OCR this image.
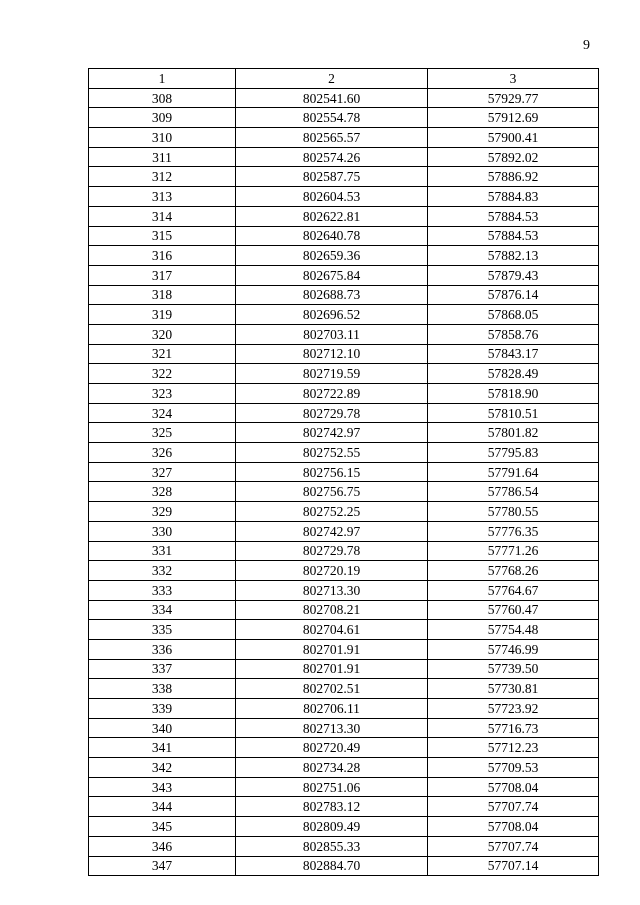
9
1	2	3
308	802541.60	57929.77
309	802554.78	57912.69
310	802565.57	57900.41
311	802574.26	57892.02
312	802587.75	57886.92
313	802604.53	57884.83
314	802622.81	57884.53
315	802640.78	57884.53
316	802659.36	57882.13
317	802675.84	57879.43
318	802688.73	57876.14
319	802696.52	57868.05
320	802703.11	57858.76
321	802712.10	57843.17
322	802719.59	57828.49
323	802722.89	57818.90
324	802729.78	57810.51
325	802742.97	57801.82
326	802752.55	57795.83
327	802756.15	57791.64
328	802756.75	57786.54
329	802752.25	57780.55
330	802742.97	57776.35
331	802729.78	57771.26
332	802720.19	57768.26
333	802713.30	57764.67
334	802708.21	57760.47
335	802704.61	57754.48
336	802701.91	57746.99
337	802701.91	57739.50
338	802702.51	57730.81
339	802706.11	57723.92
340	802713.30	57716.73
341	802720.49	57712.23
342	802734.28	57709.53
343	802751.06	57708.04
344	802783.12	57707.74
345	802809.49	57708.04
346	802855.33	57707.74
347	802884.70	57707.14
